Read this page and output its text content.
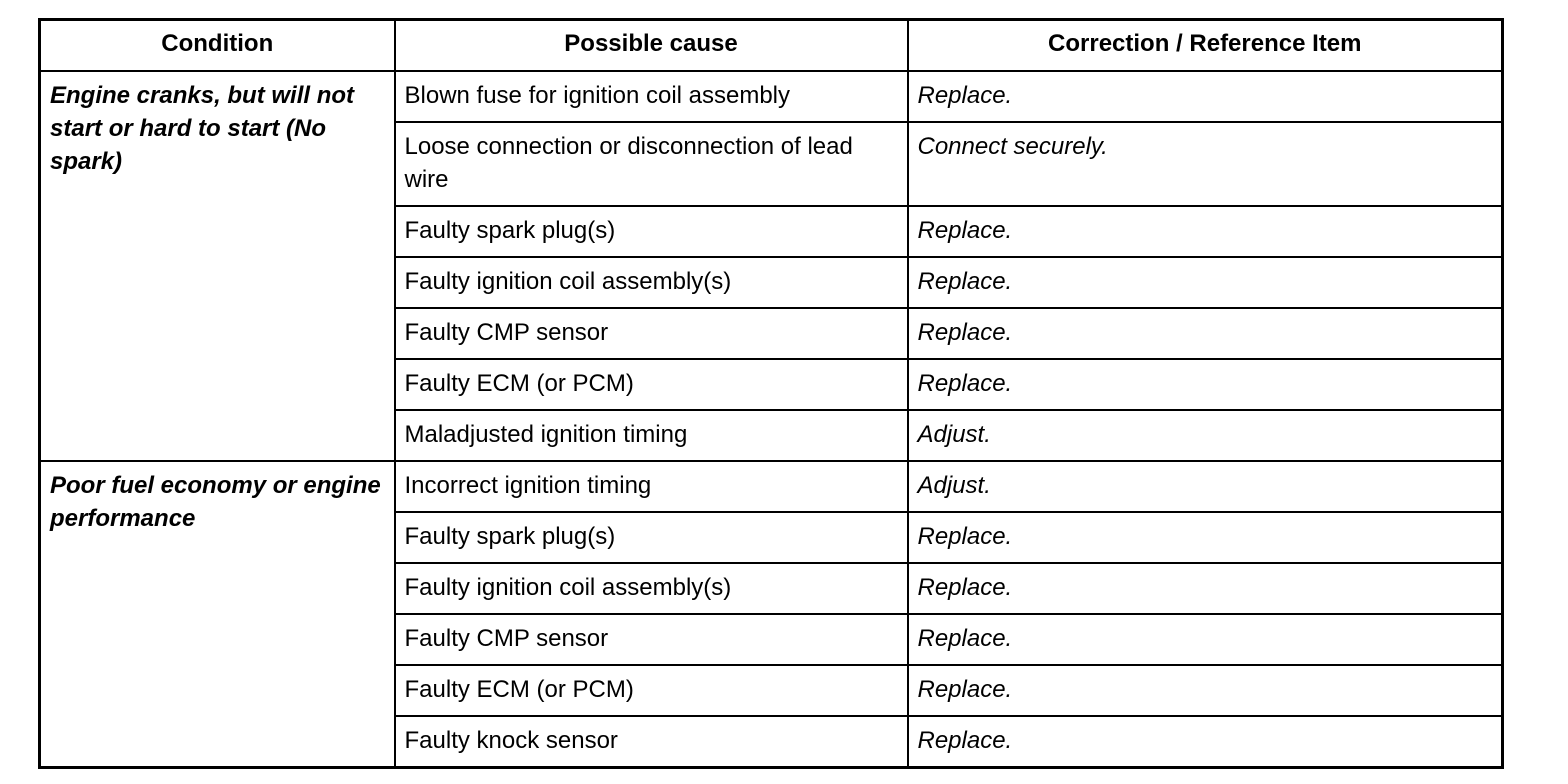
Condition	Possible cause	Correction / Reference Item
Engine cranks, but will not start or hard to start (No spark)	Blown fuse for ignition coil assembly	Replace.
	Loose connection or disconnection of lead wire	Connect securely.
	Faulty spark plug(s)	Replace.
	Faulty ignition coil assembly(s)	Replace.
	Faulty CMP sensor	Replace.
	Faulty ECM (or PCM)	Replace.
	Maladjusted ignition timing	Adjust.
Poor fuel economy or engine performance	Incorrect ignition timing	Adjust.
	Faulty spark plug(s)	Replace.
	Faulty ignition coil assembly(s)	Replace.
	Faulty CMP sensor	Replace.
	Faulty ECM (or PCM)	Replace.
	Faulty knock sensor	Replace.
